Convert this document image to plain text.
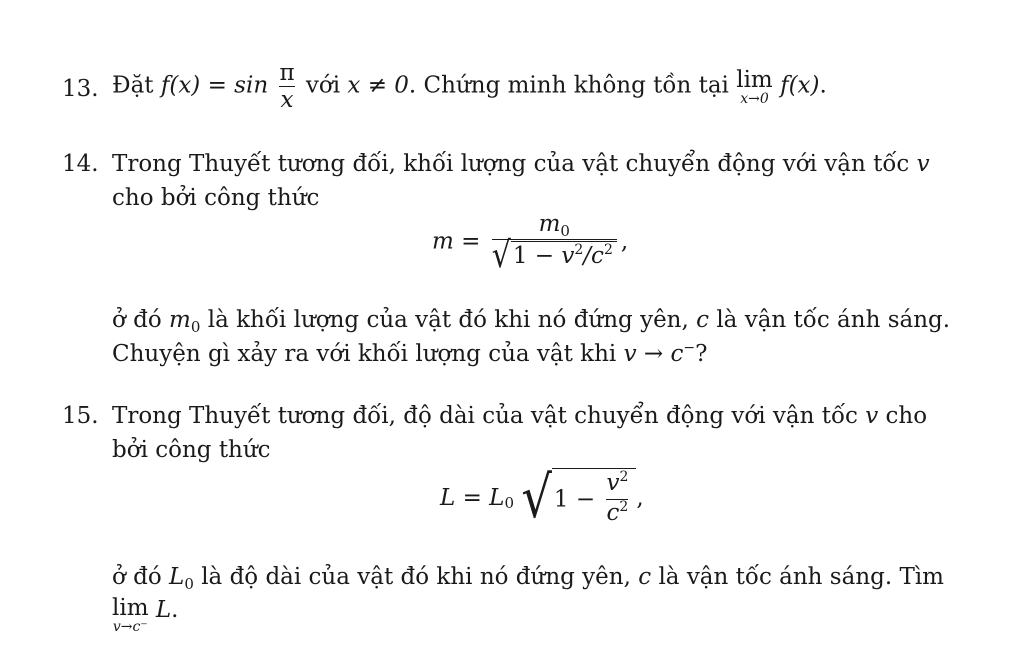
13. Đặt $f(x) = \sin \frac{\pi}{x}$ với x ≠ 0. Chứng minh không tồn tại lim
x→0 f(x).
14. Trong Thuyết tương đối, khối lượng của vật chuyển động với vận tốc v
cho bởi công thức
$m = \frac{m_0}{√1 - v^2/c^2}$ ,
ở đó $m_0$ là khối lượng của vật đó khi nó đứng yên, c là vận tốc ánh sáng.
Chuyện gì xảy ra với khối lượng của vật khi v → c−?
15. Trong Thuyết tương đối, độ dài của vật chuyển động với vận tốc v cho
bởi công thức
$L = L_0$ $√1 - \frac{v^2}{c^2}$ ,
ở đó $L_0$ là độ dài của vật đó khi nó đứng yên, c là vận tốc ánh sáng. Tìm
lim
v→c⁻
L.
